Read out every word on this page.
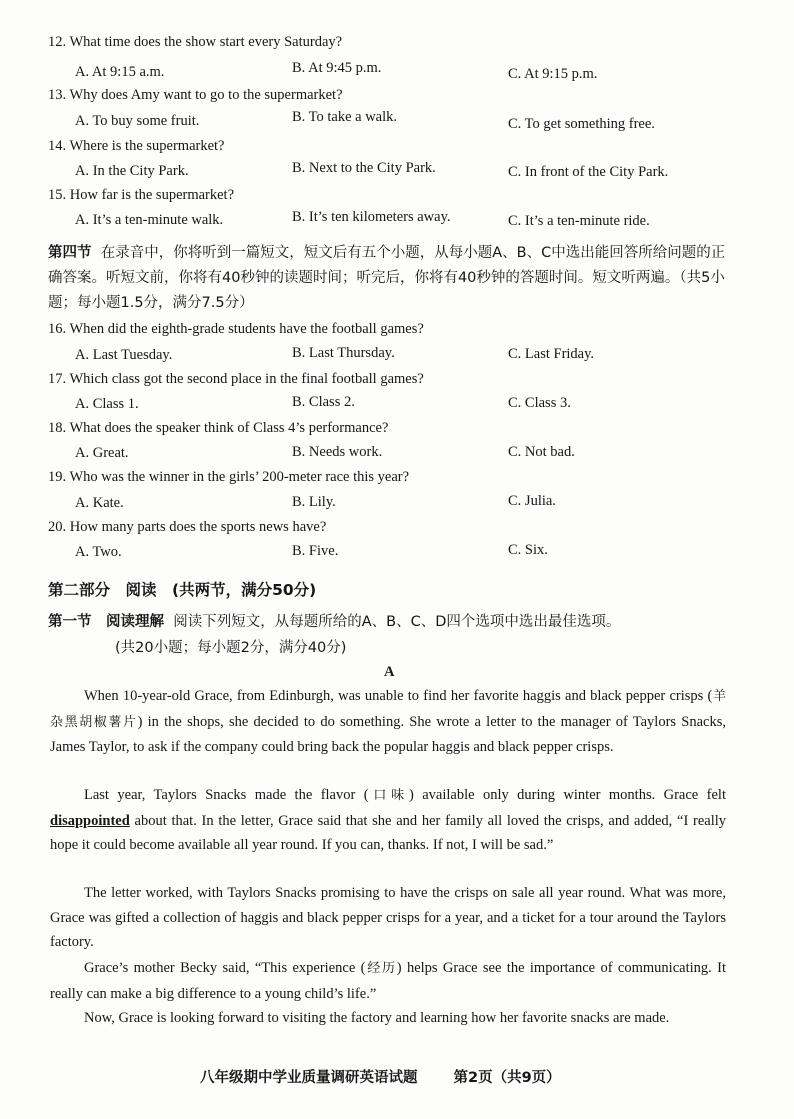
12. What time does the show start every Saturday?
A. At 9:15 a.m.	B. At 9:45 p.m.	C. At 9:15 p.m.
13. Why does Amy want to go to the supermarket?
A. To buy some fruit.	B. To take a walk.	C. To get something free.
14. Where is the supermarket?
A. In the City Park.	B. Next to the City Park.	C. In front of the City Park.
15. How far is the supermarket?
A. It’s a ten-minute walk.	B. It’s ten kilometers away.	C. It’s a ten-minute ride.
第四节 在录音中，你将听到一篇短文，短文后有五个小题，从每小题A、B、C中选出能回答所给问题的正确答案。听短文前，你将有40秒钟的读题时间；听完后，你将有40秒钟的答题时间。短文听两遍。（共5小题；每小题1.5分，满分7.5分）
16. When did the eighth-grade students have the football games?
A. Last Tuesday.	B. Last Thursday.	C. Last Friday.
17. Which class got the second place in the final football games?
A. Class 1.	B. Class 2.	C. Class 3.
18. What does the speaker think of Class 4’s performance?
A. Great.	B. Needs work.	C. Not bad.
19. Who was the winner in the girls’ 200-meter race this year?
A. Kate.	B. Lily.	C. Julia.
20. How many parts does the sports news have?
A. Two.	B. Five.	C. Six.
第二部分　阅读　(共两节，满分50分)
第一节　阅读理解 阅读下列短文，从每题所给的A、B、C、D四个选项中选出最佳选项。
(共20小题；每小题2分，满分40分)
A
When 10-year-old Grace, from Edinburgh, was unable to find her favorite haggis and black pepper crisps (羊杂黑胡椒薯片) in the shops, she decided to do something. She wrote a letter to the manager of Taylors Snacks, James Taylor, to ask if the company could bring back the popular haggis and black pepper crisps.
Last year, Taylors Snacks made the flavor (口味) available only during winter months. Grace felt disappointed about that. In the letter, Grace said that she and her family all loved the crisps, and added, “I really hope it could become available all year round. If you can, thanks. If not, I will be sad.”
The letter worked, with Taylors Snacks promising to have the crisps on sale all year round. What was more, Grace was gifted a collection of haggis and black pepper crisps for a year, and a ticket for a tour around the Taylors factory.
Grace’s mother Becky said, “This experience (经历) helps Grace see the importance of communicating. It really can make a big difference to a young child’s life.”
Now, Grace is looking forward to visiting the factory and learning how her favorite snacks are made.
八年级期中学业质量调研英语试题 第2页（共9页）
